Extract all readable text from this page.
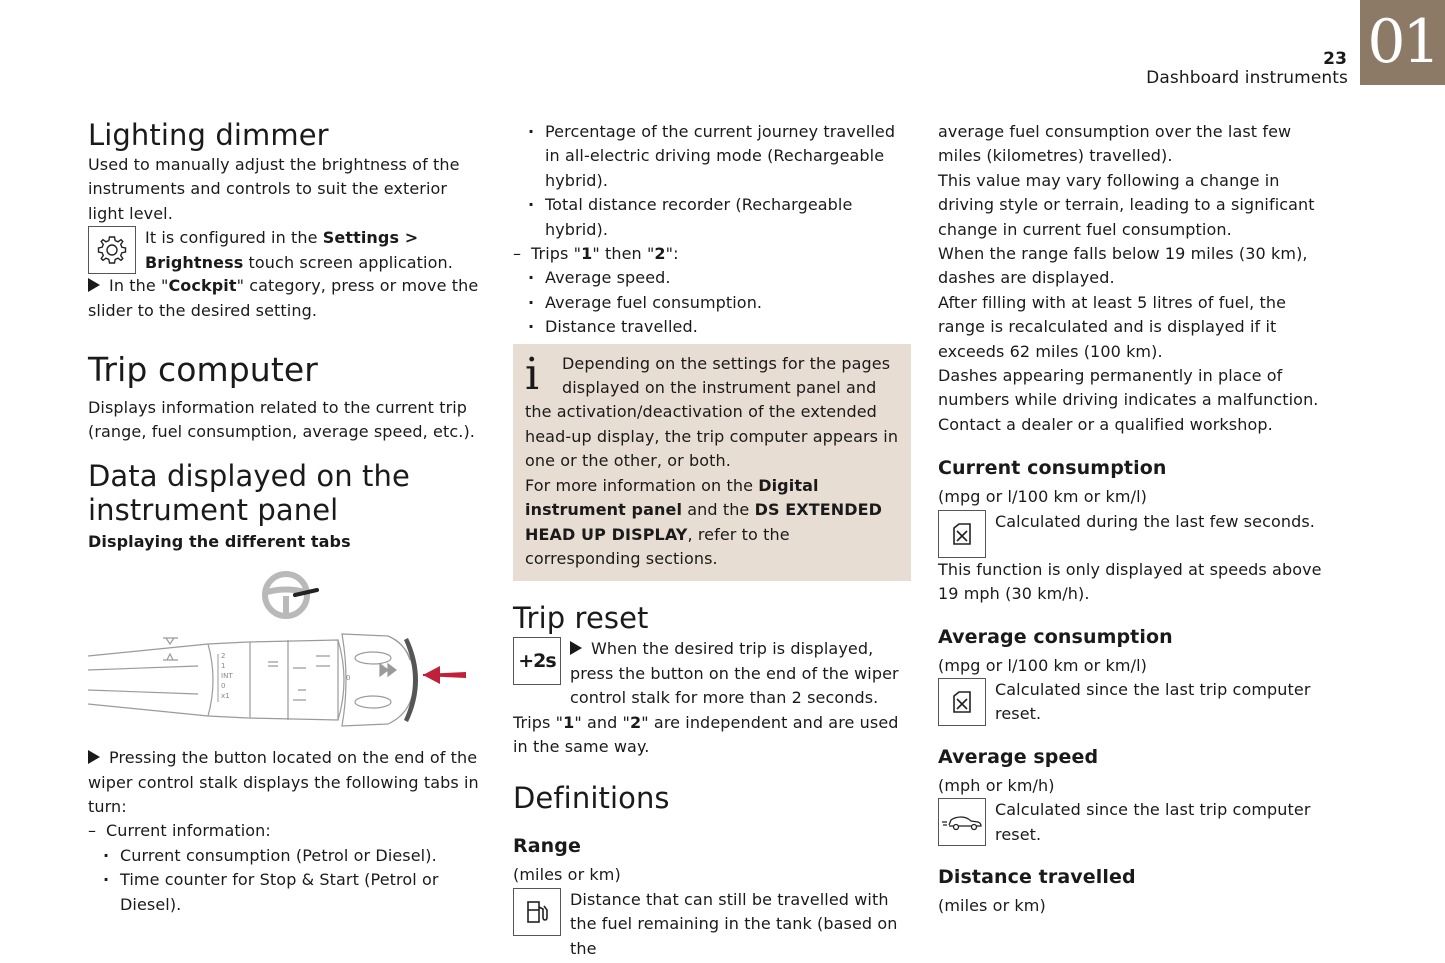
01
23
Dashboard instruments
Lighting dimmer

Used to manually adjust the brightness of the instruments and controls to suit the exterior light level.

It is configured in the Settings > Brightness touch screen application.

In the "Cockpit" category, press or move the slider to the desired setting.

Trip computer

Displays information related to the current trip (range, fuel consumption, average speed, etc.).

Data displayed on the
instrument panel

Displaying the different tabs

2
1
INT
0
x1
0

Pressing the button located on the end of the wiper control stalk displays the following tabs in turn:

– Current information:
· Current consumption (Petrol or Diesel).
· Time counter for Stop & Start (Petrol or Diesel).
· Percentage of the current journey travelled in all-electric driving mode (Rechargeable hybrid).
· Total distance recorder (Rechargeable hybrid).
– Trips "1" then "2":
· Average speed.
· Average fuel consumption.
· Distance travelled.
i	Depending on the settings for the pages displayed on the instrument panel and the activation/deactivation of the extended head-up display, the trip computer appears in one or the other, or both.

For more information on the Digital instrument panel and the DS EXTENDED HEAD UP DISPLAY, refer to the corresponding sections.

Trip reset
+2s

When the desired trip is displayed, press the button on the end of the wiper control stalk for more than 2 seconds.

Trips "1" and "2" are independent and are used in the same way.

Definitions
Range

(miles or km)

Distance that can still be travelled with the fuel remaining in the tank (based on the

average fuel consumption over the last few miles (kilometres) travelled).

This value may vary following a change in driving style or terrain, leading to a significant change in current fuel consumption.

When the range falls below 19 miles (30 km), dashes are displayed.

After filling with at least 5 litres of fuel, the range is recalculated and is displayed if it exceeds 62 miles (100 km).

Dashes appearing permanently in place of numbers while driving indicates a malfunction.

Contact a dealer or a qualified workshop.

Current consumption

(mpg or l/100 km or km/l)

Calculated during the last few seconds.

This function is only displayed at speeds above 19 mph (30 km/h).

Average consumption

(mpg or l/100 km or km/l)

Calculated since the last trip computer reset.

Average speed

(mph or km/h)

Calculated since the last trip computer reset.

Distance travelled

(miles or km)
